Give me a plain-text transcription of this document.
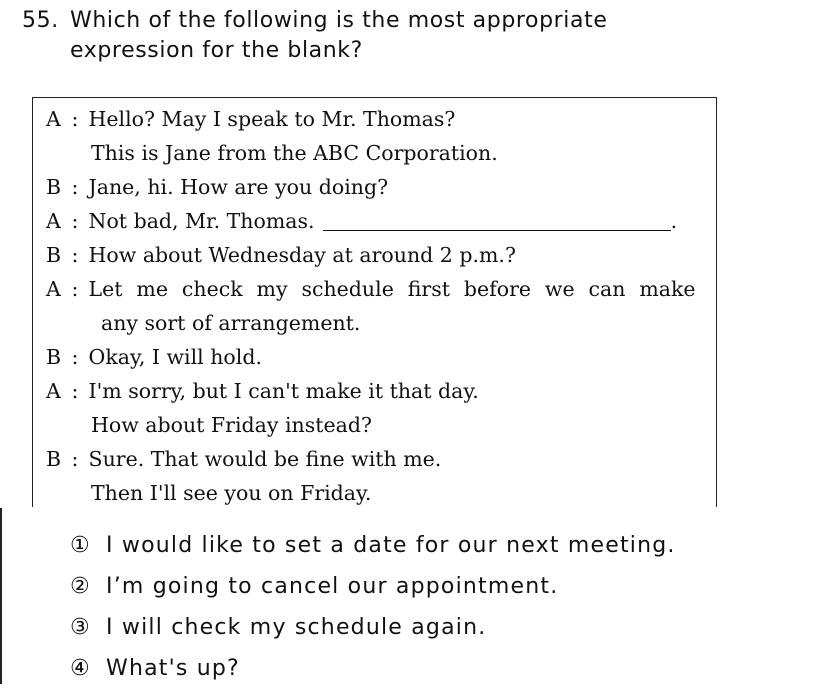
55. Which of the following is the most appropriate
expression for the blank?
A : Hello? May I speak to Mr. Thomas?
This is Jane from the ABC Corporation.
B : Jane, hi. How are you doing?
A : Not bad, Mr. Thomas.	.
B : How about Wednesday at around 2 p.m.?
A : Let me check my schedule first before we can make
any sort of arrangement.
B : Okay, I will hold.
A : I'm sorry, but I can't make it that day.
How about Friday instead?
B : Sure. That would be fine with me.
Then I'll see you on Friday.
① I would like to set a date for our next meeting.
② I’m going to cancel our appointment.
③ I will check my schedule again.
④ What's up?
